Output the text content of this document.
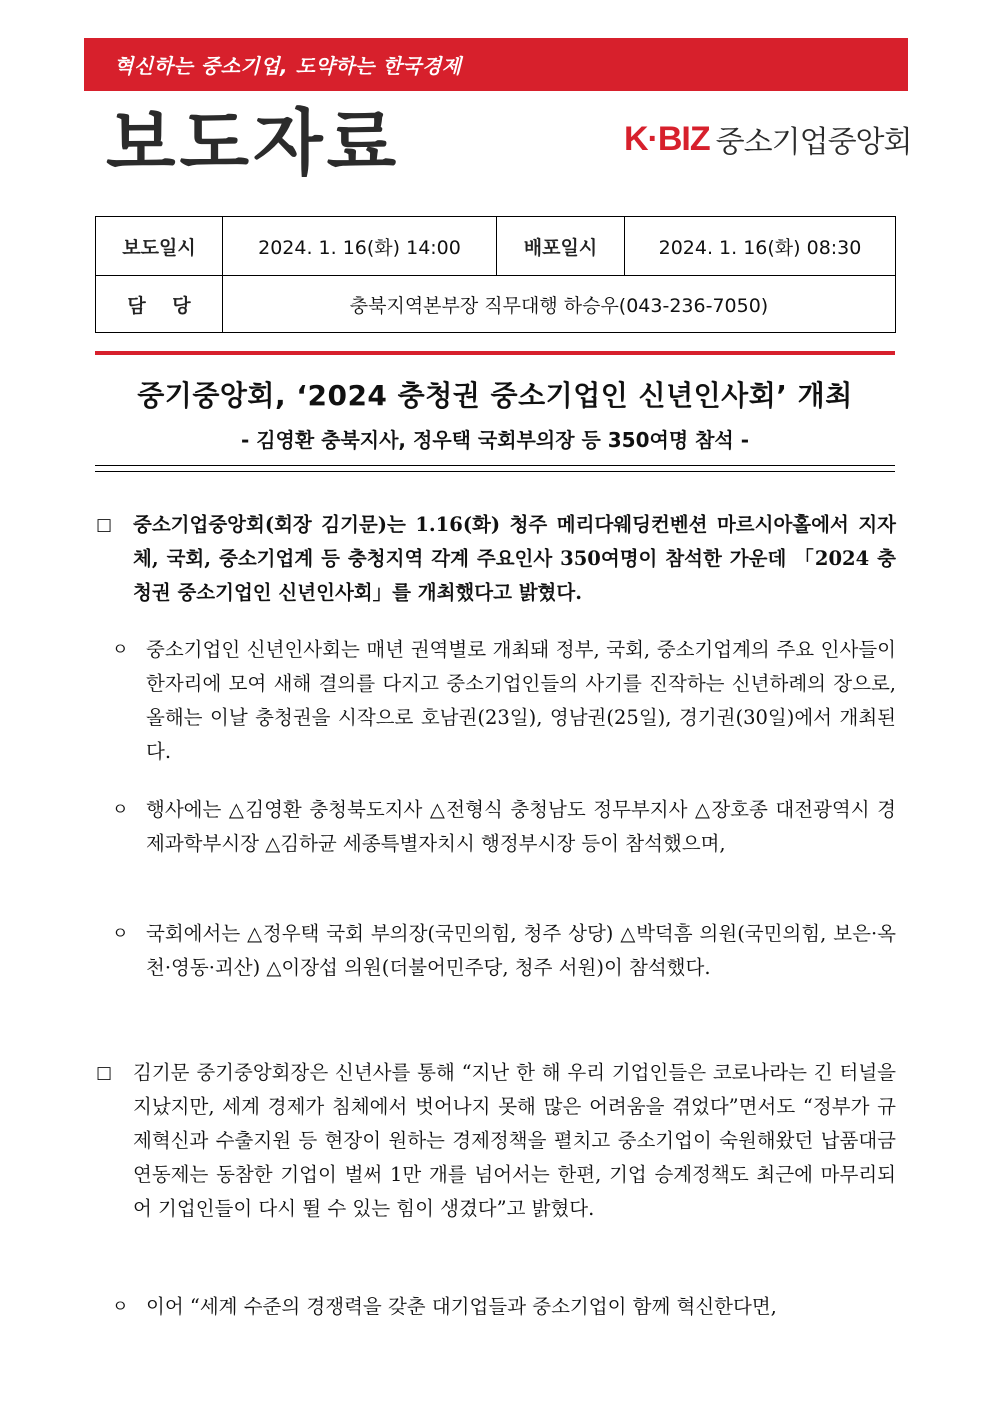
혁신하는 중소기업, 도약하는 한국경제
보도자료	K·BIZ 중소기업중앙회
보도일시	2024. 1. 16(화) 14:00	배포일시	2024. 1. 16(화) 08:30
담    당	충북지역본부장 직무대행 하승우(043-236-7050)		
중기중앙회, ‘2024 충청권 중소기업인 신년인사회’ 개최
- 김영환 충북지사, 정우택 국회부의장 등 350여명 참석 -
□ 중소기업중앙회(회장 김기문)는 1.16(화) 청주 메리다웨딩컨벤션 마르시아홀에서 지자체, 국회, 중소기업계 등 충청지역 각계 주요인사 350여명이 참석한 가운데 「2024 충청권 중소기업인 신년인사회」를 개최했다고 밝혔다.
ㅇ 중소기업인 신년인사회는 매년 권역별로 개최돼 정부, 국회, 중소기업계의 주요 인사들이 한자리에 모여 새해 결의를 다지고 중소기업인들의 사기를 진작하는 신년하례의 장으로, 올해는 이날 충청권을 시작으로 호남권(23일), 영남권(25일), 경기권(30일)에서 개최된다.
ㅇ 행사에는 △김영환 충청북도지사 △전형식 충청남도 정무부지사 △장호종 대전광역시 경제과학부시장 △김하균 세종특별자치시 행정부시장 등이 참석했으며,
ㅇ 국회에서는 △정우택 국회 부의장(국민의힘, 청주 상당) △박덕흠 의원(국민의힘, 보은·옥천·영동·괴산) △이장섭 의원(더불어민주당, 청주 서원)이 참석했다.
□ 김기문 중기중앙회장은 신년사를 통해 “지난 한 해 우리 기업인들은 코로나라는 긴 터널을 지났지만, 세계 경제가 침체에서 벗어나지 못해 많은 어려움을 겪었다”면서도 “정부가 규제혁신과 수출지원 등 현장이 원하는 경제정책을 펼치고 중소기업이 숙원해왔던 납품대금 연동제는 동참한 기업이 벌써 1만 개를 넘어서는 한편, 기업 승계정책도 최근에 마무리되어 기업인들이 다시 뛸 수 있는 힘이 생겼다”고 밝혔다.
ㅇ 이어 “세계 수준의 경쟁력을 갖춘 대기업들과 중소기업이 함께 혁신한다면,
